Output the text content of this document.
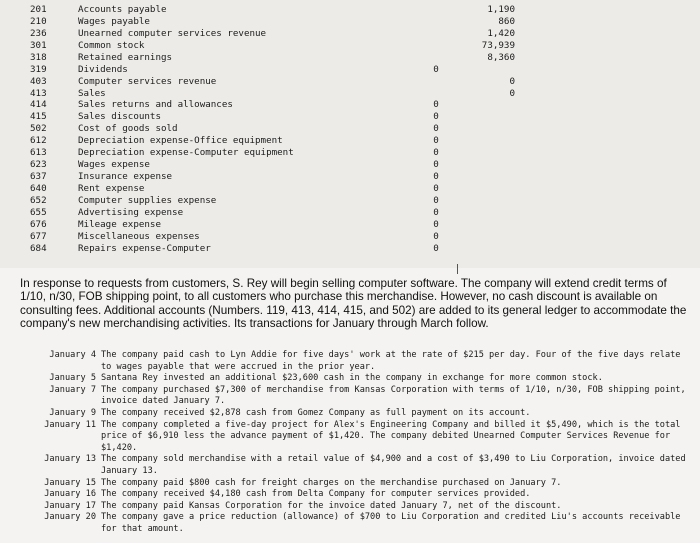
201	Accounts payable	1,190
210	Wages payable	860
236	Unearned computer services revenue	1,420
301	Common stock	73,939
318	Retained earnings	8,360
319	Dividends	0
403	Computer services revenue	0
413	Sales	0
414	Sales returns and allowances	0
415	Sales discounts	0
502	Cost of goods sold	0
612	Depreciation expense-Office equipment	0
613	Depreciation expense-Computer equipment	0
623	Wages expense	0
637	Insurance expense	0
640	Rent expense	0
652	Computer supplies expense	0
655	Advertising expense	0
676	Mileage expense	0
677	Miscellaneous expenses	0
684	Repairs expense-Computer	0

In response to requests from customers, S. Rey will begin selling computer software. The company will extend credit terms of 1/10, n/30, FOB shipping point, to all customers who purchase this merchandise. However, no cash discount is available on consulting fees. Additional accounts (Numbers. 119, 413, 414, 415, and 502) are added to its general ledger to accommodate the company's new merchandising activities. Its transactions for January through March follow.

January 4 The company paid cash to Lyn Addie for five days' work at the rate of $215 per day. Four of the five days relate to wages payable that were accrued in the prior year.
January 5 Santana Rey invested an additional $23,600 cash in the company in exchange for more common stock.
January 7 The company purchased $7,300 of merchandise from Kansas Corporation with terms of 1/10, n/30, FOB shipping point, invoice dated January 7.
January 9 The company received $2,878 cash from Gomez Company as full payment on its account.
January 11 The company completed a five-day project for Alex's Engineering Company and billed it $5,490, which is the total price of $6,910 less the advance payment of $1,420. The company debited Unearned Computer Services Revenue for $1,420.
January 13 The company sold merchandise with a retail value of $4,900 and a cost of $3,490 to Liu Corporation, invoice dated January 13.
January 15 The company paid $800 cash for freight charges on the merchandise purchased on January 7.
January 16 The company received $4,180 cash from Delta Company for computer services provided.
January 17 The company paid Kansas Corporation for the invoice dated January 7, net of the discount.
January 20 The company gave a price reduction (allowance) of $700 to Liu Corporation and credited Liu's accounts receivable for that amount.
